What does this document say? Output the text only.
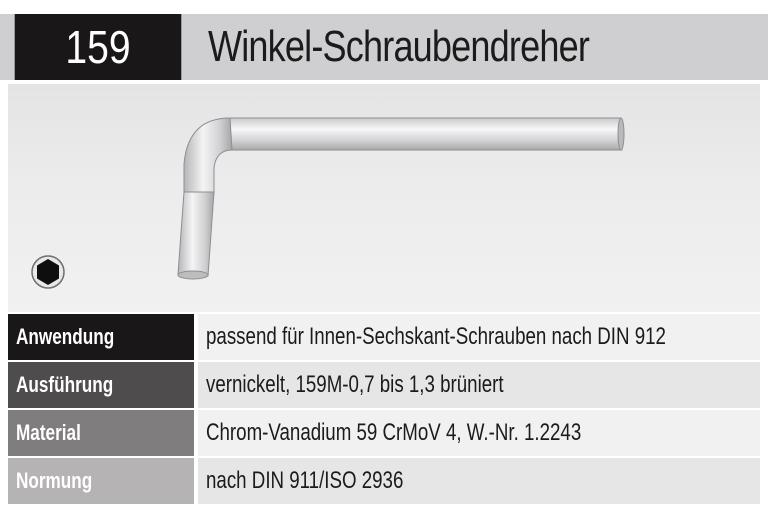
159	Winkel-Schraubendreher
Anwendung	passend für Innen-Sechskant-Schrauben nach DIN 912
Ausführung	vernickelt, 159M-0,7 bis 1,3 brüniert
Material	Chrom-Vanadium 59 CrMoV 4, W.-Nr. 1.2243
Normung	nach DIN 911/ISO 2936
